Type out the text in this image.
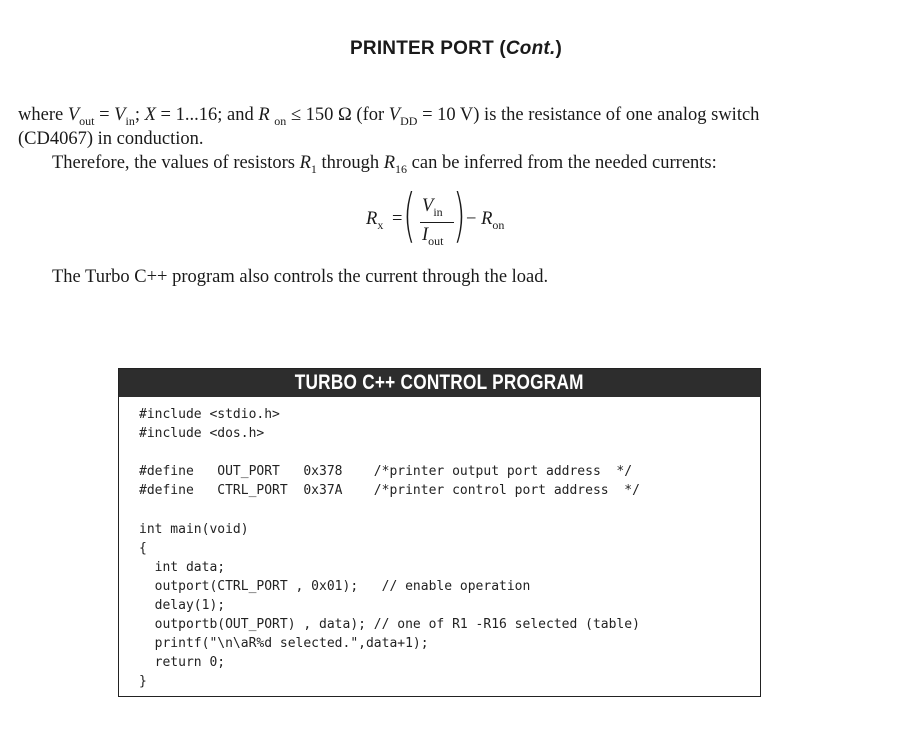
PRINTER PORT (Cont.)
where $V_{out} = V_{in}$; X = 1...16; and R $_{on}$ ≤ 150 Ω (for $V_{DD} = 10$ V) is the resistance of one analog switch
(CD4067) in conduction.
Therefore, the values of resistors $R_1$ through $R_{16}$ can be inferred from the needed currents:
$R_x$ = ( $V_{in}$
$I_{out}$ ) − $R_{on}$
The Turbo C++ program also controls the current through the load.
TURBO C++ CONTROL PROGRAM
#include <stdio.h>
#include <dos.h>

#define   OUT_PORT   0x378    /*printer output port address  */
#define   CTRL_PORT  0x37A    /*printer control port address  */

int main(void)
{
int data;
outport(CTRL_PORT , 0x01);   // enable operation
delay(1);
outportb(OUT_PORT) , data); // one of R1 -R16 selected (table)
printf("\n\aR%d selected.",data+1);
return 0;
}
